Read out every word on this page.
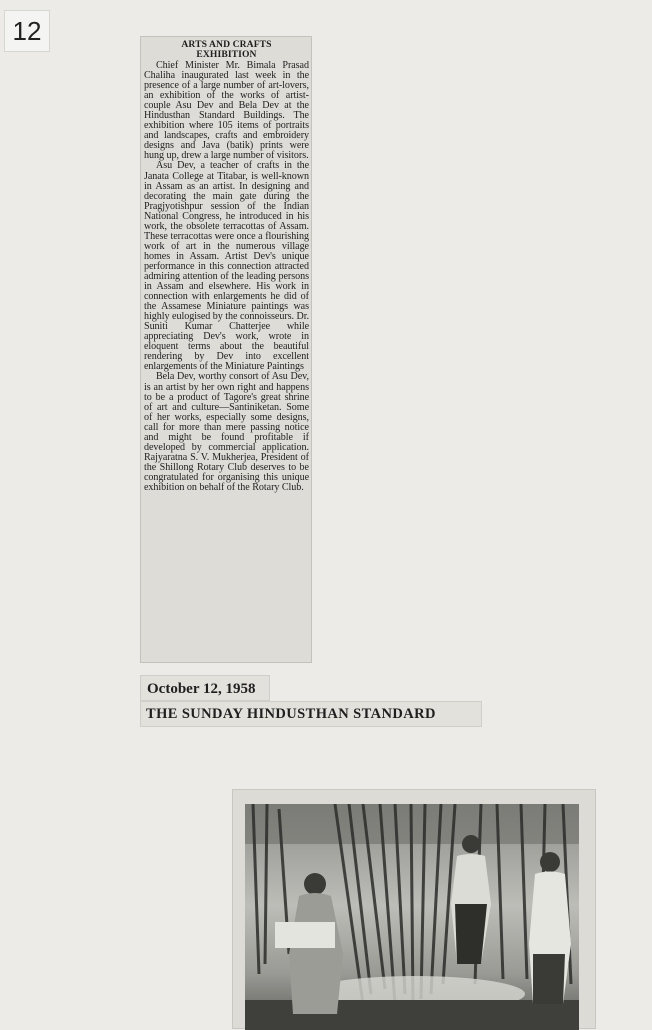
12	ARTS AND CRAFTS
EXHIBITION

Chief Minister Mr. Bimala Prasad Chaliha inaugurated last week in the presence of a large number of art-lovers, an exhibition of the works of artist-couple Asu Dev and Bela Dev at the Hindusthan Standard Buildings. The exhibition where 105 items of portraits and landscapes, crafts and embroidery designs and Java (batik) prints were hung up, drew a large number of visitors.

Asu Dev, a teacher of crafts in the Janata College at Titabar, is well-known in Assam as an artist. In designing and decorating the main gate during the Pragjyotishpur session of the Indian National Congress, he introduced in his work, the obsolete terracottas of Assam. These terracottas were once a flourishing work of art in the numerous village homes in Assam. Artist Dev's unique performance in this connection attracted admiring attention of the leading persons in Assam and elsewhere. His work in connection with enlargements he did of the Assamese Miniature paintings was highly eulogised by the connoisseurs. Dr. Suniti Kumar Chatterjee while appreciating Dev's work, wrote in eloquent terms about the beautiful rendering by Dev into excellent enlargements of the Miniature Paintings

Bela Dev, worthy consort of Asu Dev, is an artist by her own right and happens to be a product of Tagore's great shrine of art and culture—Santiniketan. Some of her works, especially some designs, call for more than mere passing notice and might be found profitable if developed by commercial application. Rajyaratna S. V. Mukherjea, President of the Shillong Rotary Club deserves to be congratulated for organising this unique exhibition on behalf of the Rotary Club.

October 12, 1958
THE SUNDAY HINDUSTHAN STANDARD
